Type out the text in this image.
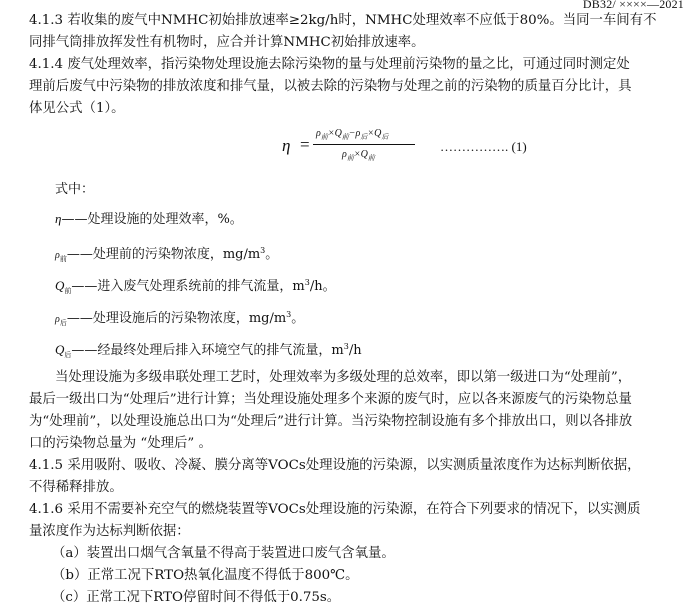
DB32/ ××××—2021
4.1.3 若收集的废气中NMHC初始排放速率≥2kg/h时，NMHC处理效率不应低于80%。当同一车间有不
同排气筒排放挥发性有机物时，应合并计算NMHC初始排放速率。
4.1.4 废气处理效率，指污染物处理设施去除污染物的量与处理前污染物的量之比，可通过同时测定处
理前后废气中污染物的排放浓度和排气量，以被去除的污染物与处理之前的污染物的质量百分比计，具
体见公式（1）。
η =
$\rho_前\times Q_前-\rho_后\times Q_后$
$\rho_前\times Q_前$
……………. (1)
式中：
η——处理设施的处理效率，%。
$\rho_前——$处理前的污染物浓度，$mg/m^3$。
$Q_前——$进入废气处理系统前的排气流量，$m^3/h$。
$\rho_后——$处理设施后的污染物浓度，$mg/m^3$。
$Q_后——$经最终处理后排入环境空气的排气流量，$m^3/h$
当处理设施为多级串联处理工艺时，处理效率为多级处理的总效率，即以第一级进口为“处理前”，
最后一级出口为“处理后”进行计算；当处理设施处理多个来源的废气时，应以各来源废气的污染物总量
为“处理前”，以处理设施总出口为“处理后”进行计算。当污染物控制设施有多个排放出口，则以各排放
口的污染物总量为 “处理后” 。
4.1.5 采用吸附、吸收、冷凝、膜分离等VOCs处理设施的污染源，以实测质量浓度作为达标判断依据，
不得稀释排放。
4.1.6 采用不需要补充空气的燃烧装置等VOCs处理设施的污染源，在符合下列要求的情况下，以实测质
量浓度作为达标判断依据：
（a）装置出口烟气含氧量不得高于装置进口废气含氧量。
（b）正常工况下RTO热氧化温度不得低于800℃。
（c）正常工况下RTO停留时间不得低于0.75s。
